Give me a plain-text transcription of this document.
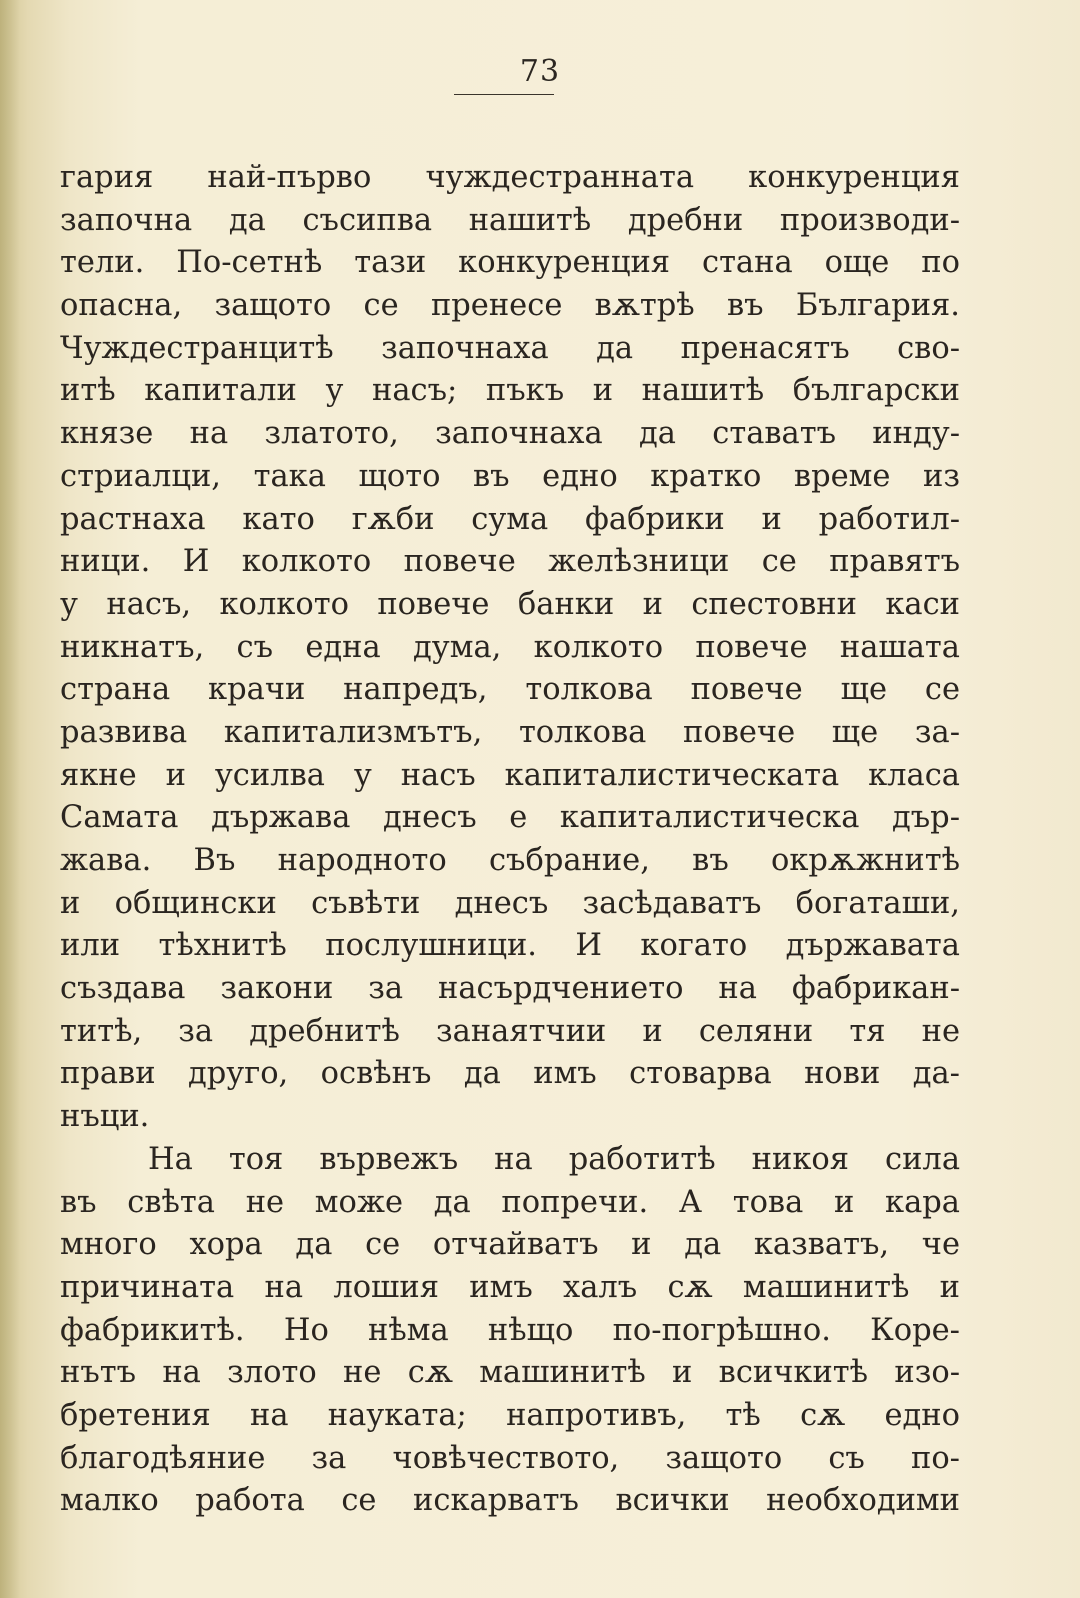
73
гария най-първо чуждестранната конкуренция
започна да съсипва нашитѣ дребни производи-
тели. По-сетнѣ тази конкуренция стана още по
опасна, защото се пренесе вѫтрѣ въ България.
Чуждестранцитѣ започнаха да пренасятъ сво-
итѣ капитали у насъ; пъкъ и нашитѣ български
князе на златото, започнаха да ставатъ инду-
стриалци, така щото въ едно кратко време из
растнаха като гѫби сума фабрики и работил-
ници. И колкото повече желѣзници се правятъ
у насъ, колкото повече банки и спестовни каси
никнатъ, съ една дума, колкото повече нашата
страна крачи напредъ, толкова повече ще се
развива капитализмътъ, толкова повече ще за-
якне и усилва у насъ капиталистическата класа
Самата държава днесъ е капиталистическа дър-
жава. Въ народното събрание, въ окрѫжнитѣ
и общински съвѣти днесъ засѣдаватъ богаташи,
или тѣхнитѣ послушници. И когато държавата
създава закони за насърдчението на фабрикан-
титѣ, за дребнитѣ занаятчии и селяни тя не
прави друго, освѣнъ да имъ стоварва нови да-
нъци.
На тоя вървежъ на работитѣ никоя сила
въ свѣта не може да попречи. А това и кара
много хора да се отчайватъ и да казватъ, че
причината на лошия имъ халъ сѫ машинитѣ и
фабрикитѣ. Но нѣма нѣщо по-погрѣшно. Коре-
нътъ на злото не сѫ машинитѣ и всичкитѣ изо-
бретения на науката; напротивъ, тѣ сѫ едно
благодѣяние за човѣчеството, защото съ по-
малко работа се искарватъ всички необходими
